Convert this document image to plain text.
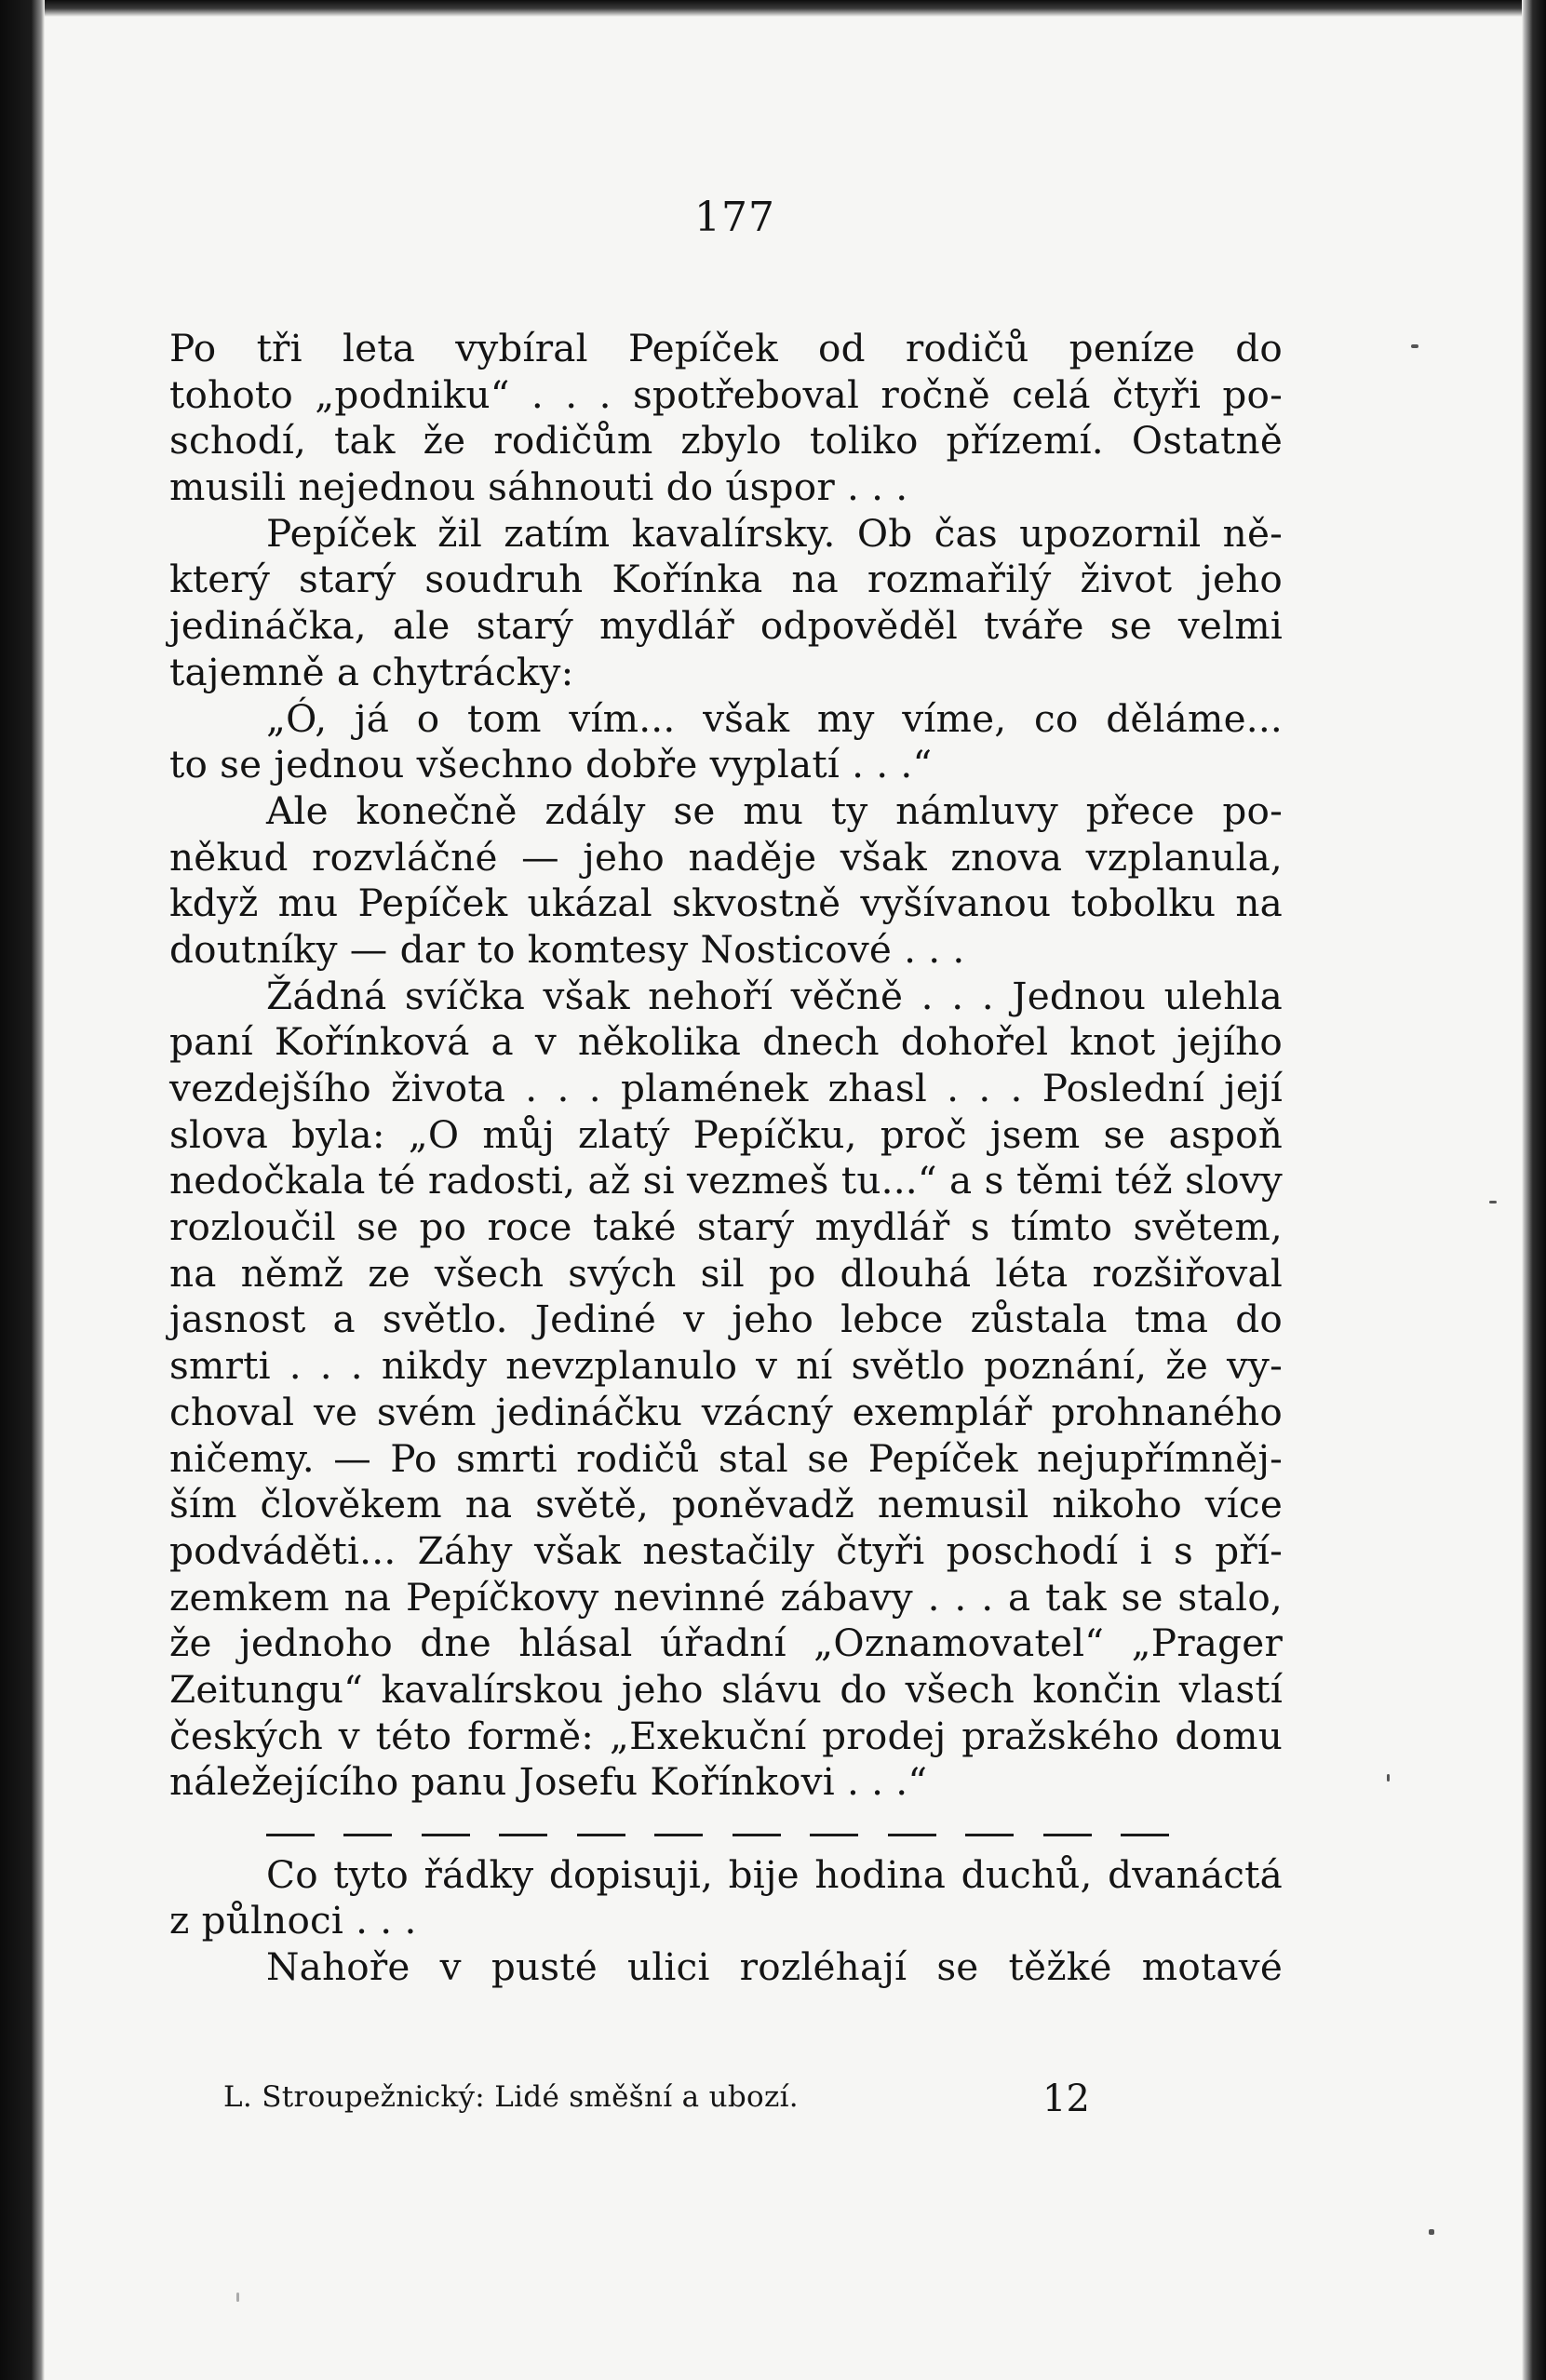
177
Po tři leta vybíral Pepíček od rodičů peníze do
tohoto „podniku“ . . . spotřeboval ročně celá čtyři po-
schodí, tak že rodičům zbylo toliko přízemí. Ostatně
musili nejednou sáhnouti do úspor . . .
Pepíček žil zatím kavalírsky. Ob čas upozornil ně-
který starý soudruh Kořínka na rozmařilý život jeho
jedináčka, ale starý mydlář odpověděl tváře se velmi
tajemně a chytrácky:
„Ó, já o tom vím... však my víme, co děláme...
to se jednou všechno dobře vyplatí . . .“
Ale konečně zdály se mu ty námluvy přece po-
někud rozvláčné — jeho naděje však znova vzplanula,
když mu Pepíček ukázal skvostně vyšívanou tobolku na
doutníky — dar to komtesy Nosticové . . .
Žádná svíčka však nehoří věčně . . . Jednou ulehla
paní Kořínková a v několika dnech dohořel knot jejího
vezdejšího života . . . plamének zhasl . . . Poslední její
slova byla: „O můj zlatý Pepíčku, proč jsem se aspoň
nedočkala té radosti, až si vezmeš tu...“ a s těmi též slovy
rozloučil se po roce také starý mydlář s tímto světem,
na němž ze všech svých sil po dlouhá léta rozšiřoval
jasnost a světlo. Jediné v jeho lebce zůstala tma do
smrti . . . nikdy nevzplanulo v ní světlo poznání, že vy-
choval ve svém jedináčku vzácný exemplář prohnaného
ničemy. — Po smrti rodičů stal se Pepíček nejupřímněj-
ším člověkem na světě, poněvadž nemusil nikoho více
podváděti... Záhy však nestačily čtyři poschodí i s pří-
zemkem na Pepíčkovy nevinné zábavy . . . a tak se stalo,
že jednoho dne hlásal úřadní „Oznamovatel“ „Prager
Zeitungu“ kavalírskou jeho slávu do všech končin vlastí
českých v této formě: „Exekuční prodej pražského domu
náležejícího panu Josefu Kořínkovi . . .“
Co tyto řádky dopisuji, bije hodina duchů, dvanáctá
z půlnoci . . .
Nahoře v pusté ulici rozléhají se těžké motavé
L. Stroupežnický: Lidé směšní a ubozí.	12
